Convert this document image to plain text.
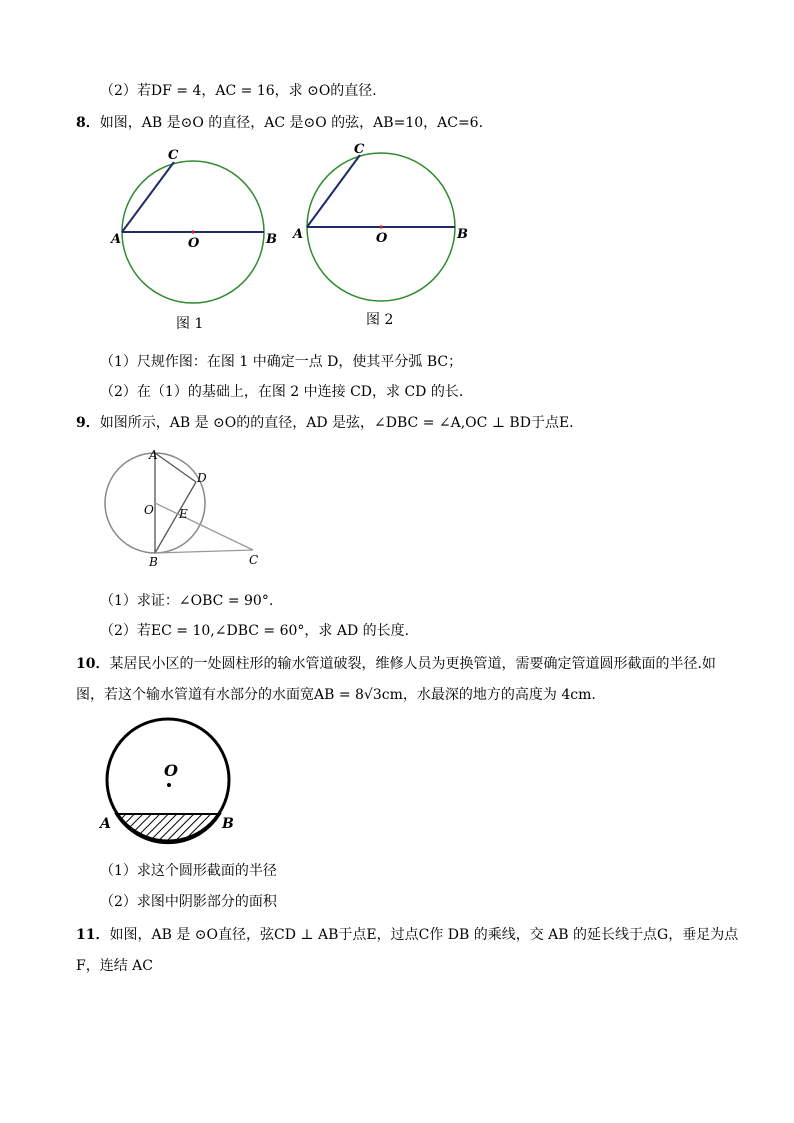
（2）若DF = 4，AC = 16，求 ⊙O的直径．
8．如图，AB 是⊙O 的直径，AC 是⊙O 的弦，AB=10，AC=6．
A	B
C
O
图 1
A	B
C
O
图 2
（1）尺规作图：在图 1 中确定一点 D，使其平分弧 BC；
（2）在（1）的基础上，在图 2 中连接 CD，求 CD 的长．
9．如图所示，AB 是 ⊙O的的直径，AD 是弦，∠DBC = ∠A,OC ⊥ BD于点E.
A
D
O E
B	C
（1）求证：∠OBC = 90°.
（2）若EC = 10,∠DBC = 60°，求 AD 的长度.
10．某居民小区的一处圆柱形的输水管道破裂，维修人员为更换管道，需要确定管道圆形截面的半径.如
图，若这个输水管道有水部分的水面宽AB = 8√3cm，水最深的地方的高度为 4cm.
O
A	B
（1）求这个圆形截面的半径
（2）求图中阴影部分的面积
11．如图，AB 是 ⊙O直径，弦CD ⊥ AB于点E，过点C作 DB 的乘线，交 AB 的延长线于点G，垂足为点
F，连结 AC
